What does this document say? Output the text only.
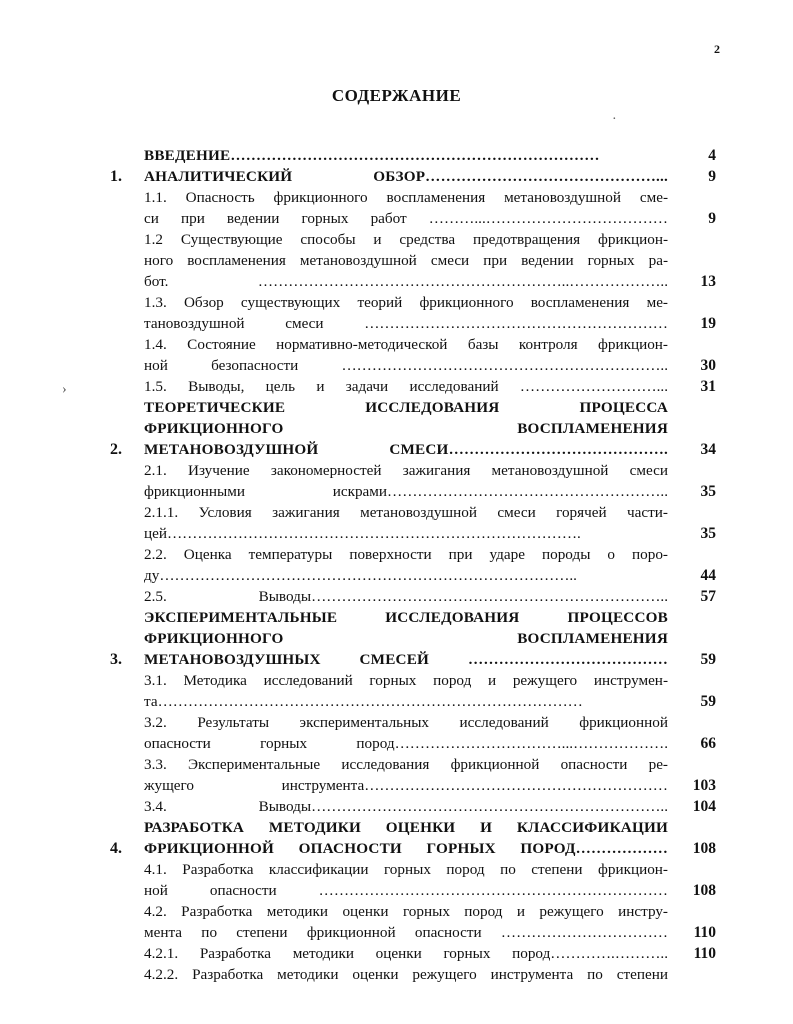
2
СОДЕРЖАНИЕ
·
›
ВВЕДЕНИЕ………………………………………………………………	4
1.	АНАЛИТИЧЕСКИЙ ОБЗОР………………………………………...	9
1.1. Опасность фрикционного воспламенения метановоздушной сме-
си при ведении горных работ ………...………………………………	9
1.2 Существующие способы и средства предотвращения фрикцион-
ного воспламенения метановоздушной смеси при ведении горных ра-
бот. ……………………………………………………..………………..	13
1.3. Обзор существующих теорий фрикционного воспламенения ме-
тановоздушной смеси ……………………………………………………	19
1.4. Состояние нормативно-методической базы контроля фрикцион-
ной безопасности ………………………………………………………..	30
1.5. Выводы, цель и задачи исследований ………………………...	31
2.
ТЕОРЕТИЧЕСКИЕ ИССЛЕДОВАНИЯ ПРОЦЕССА
ФРИКЦИОННОГО ВОСПЛАМЕНЕНИЯ
МЕТАНОВОЗДУШНОЙ СМЕСИ…………………………………….	34
2.1. Изучение закономерностей зажигания метановоздушной смеси
фрикционными искрами………………………………………………..	35
2.1.1. Условия зажигания метановоздушной смеси горячей части-
цей……………………………………………………………………….	35
2.2. Оценка температуры поверхности при ударе породы о поро-
ду………………………………………………………………………..	44
2.5. Выводы……………………………………………………………..	57
3.
ЭКСПЕРИМЕНТАЛЬНЫЕ ИССЛЕДОВАНИЯ ПРОЦЕССОВ
ФРИКЦИОННОГО ВОСПЛАМЕНЕНИЯ
МЕТАНОВОЗДУШНЫХ СМЕСЕЙ …………………………………	59
3.1. Методика исследований горных пород и режущего инструмен-
та…………………………………………………………………………	59
3.2. Результаты экспериментальных исследований фрикционной
опасности горных пород……………………………...……………….	66
3.3. Экспериментальные исследования фрикционной опасности ре-
жущего инструмента……………………………………………………	103
3.4. Выводы……………………………………………………………..	104
4.
РАЗРАБОТКА МЕТОДИКИ ОЦЕНКИ И КЛАССИФИКАЦИИ
ФРИКЦИОННОЙ ОПАСНОСТИ ГОРНЫХ ПОРОД………………	108
4.1. Разработка классификации горных пород по степени фрикцион-
ной опасности ……………………………………………………………	108
4.2. Разработка методики оценки горных пород и режущего инстру-
мента по степени фрикционной опасности ……………………………	110
4.2.1. Разработка методики оценки горных пород………….………..	110
4.2.2. Разработка методики оценки режущего инструмента по степени
